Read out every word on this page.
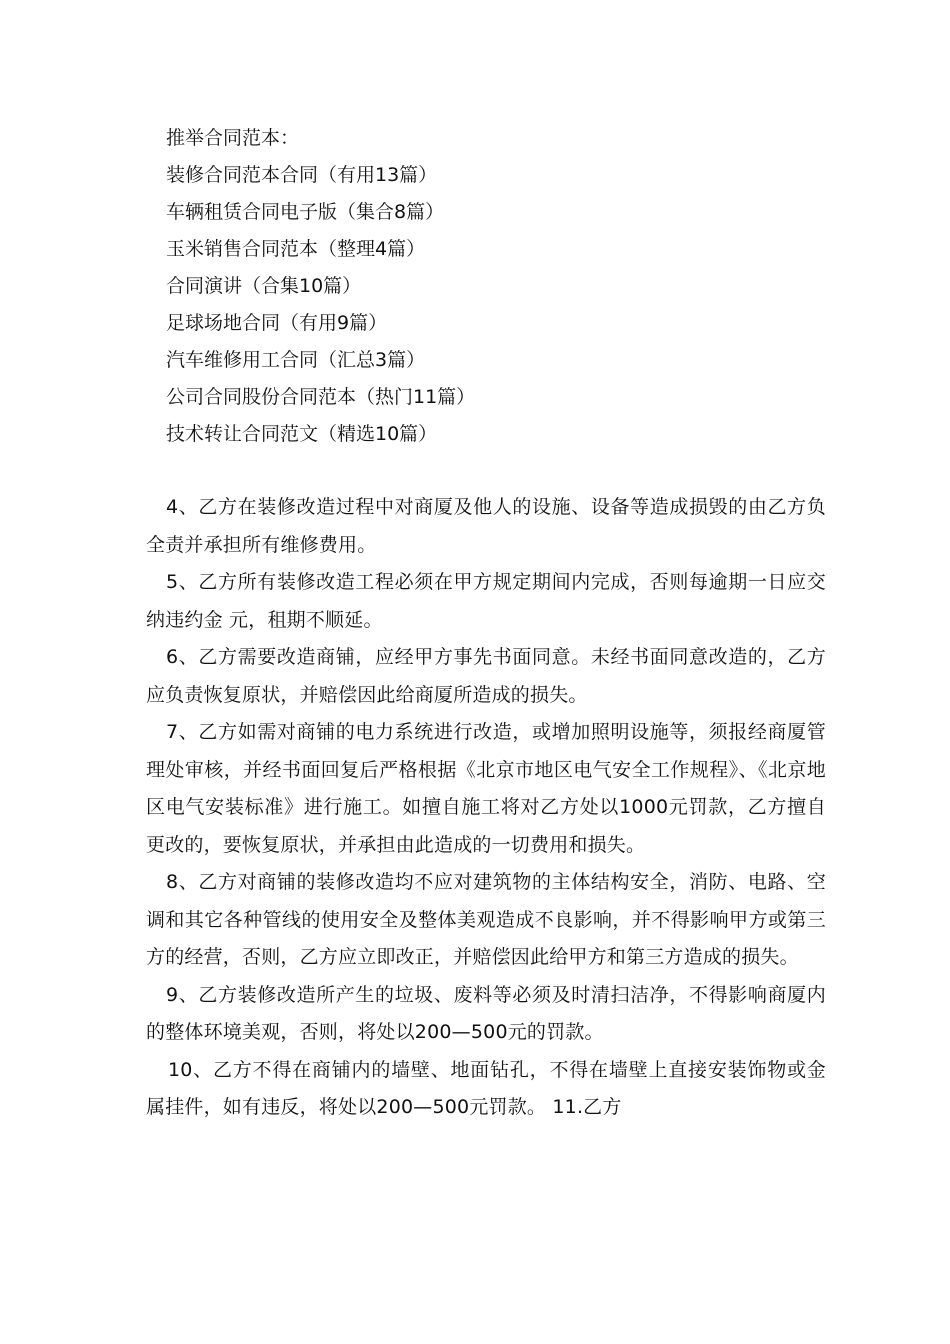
推举合同范本：
装修合同范本合同（有用13篇）
车辆租赁合同电子版（集合8篇）
玉米销售合同范本（整理4篇）
合同演讲（合集10篇）
足球场地合同（有用9篇）
汽车维修用工合同（汇总3篇）
公司合同股份合同范本（热门11篇）
技术转让合同范文（精选10篇）

4、乙方在装修改造过程中对商厦及他人的设施、设备等造成损毁的由乙方负全责并承担所有维修费用。

5、乙方所有装修改造工程必须在甲方规定期间内完成，否则每逾期一日应交纳违约金 元，租期不顺延。

6、乙方需要改造商铺，应经甲方事先书面同意。未经书面同意改造的，乙方应负责恢复原状，并赔偿因此给商厦所造成的损失。

7、乙方如需对商铺的电力系统进行改造，或增加照明设施等，须报经商厦管理处审核，并经书面回复后严格根据《北京市地区电气安全工作规程》、《北京地区电气安装标准》进行施工。如擅自施工将对乙方处以1000元罚款，乙方擅自更改的，要恢复原状，并承担由此造成的一切费用和损失。

8、乙方对商铺的装修改造均不应对建筑物的主体结构安全，消防、电路、空调和其它各种管线的使用安全及整体美观造成不良影响，并不得影响甲方或第三方的经营，否则，乙方应立即改正，并赔偿因此给甲方和第三方造成的损失。

9、乙方装修改造所产生的垃圾、废料等必须及时清扫洁净，不得影响商厦内的整体环境美观，否则，将处以200—500元的罚款。

10、乙方不得在商铺内的墙壁、地面钻孔，不得在墙壁上直接安装饰物或金属挂件，如有违反，将处以200—500元罚款。 11.乙方
